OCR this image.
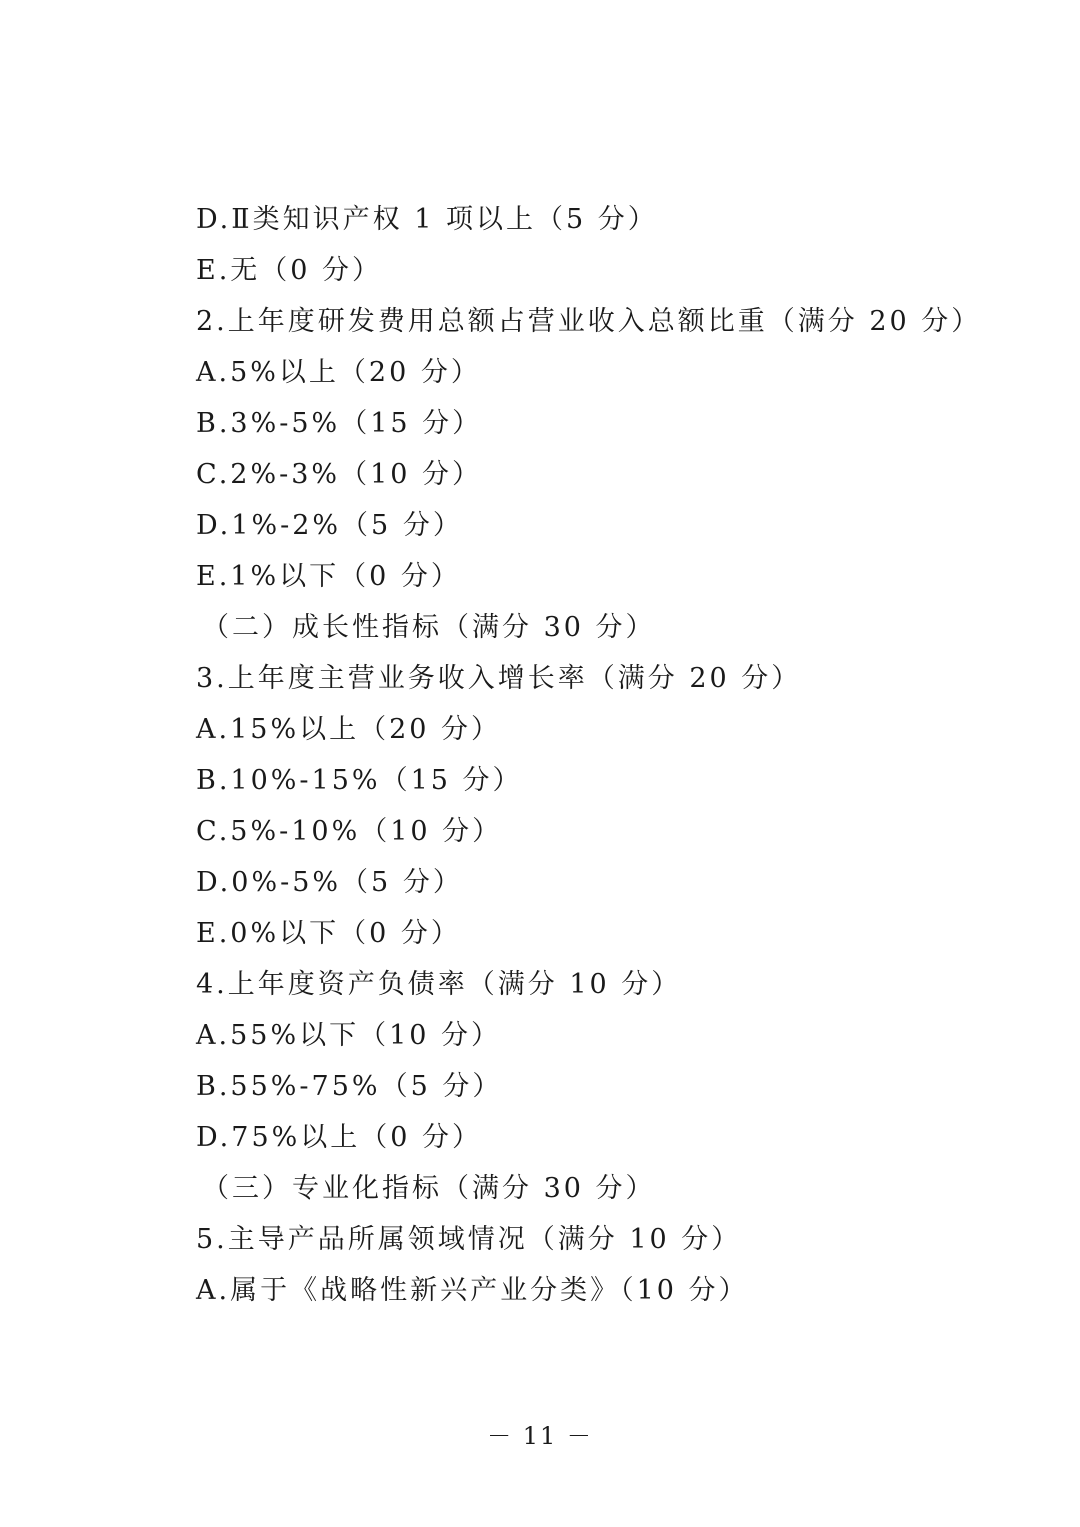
D.Ⅱ类知识产权 1 项以上（5 分）
E.无（0 分）
2.上年度研发费用总额占营业收入总额比重（满分 20 分）
A.5%以上（20 分）
B.3%-5%（15 分）
C.2%-3%（10 分）
D.1%-2%（5 分）
E.1%以下（0 分）
（二）成长性指标（满分 30 分）
3.上年度主营业务收入增长率（满分 20 分）
A.15%以上（20 分）
B.10%-15%（15 分）
C.5%-10%（10 分）
D.0%-5%（5 分）
E.0%以下（0 分）
4.上年度资产负债率（满分 10 分）
A.55%以下（10 分）
B.55%-75%（5 分）
D.75%以上（0 分）
（三）专业化指标（满分 30 分）
5.主导产品所属领域情况（满分 10 分）
A.属于《战略性新兴产业分类》（10 分）
－ 11 －
